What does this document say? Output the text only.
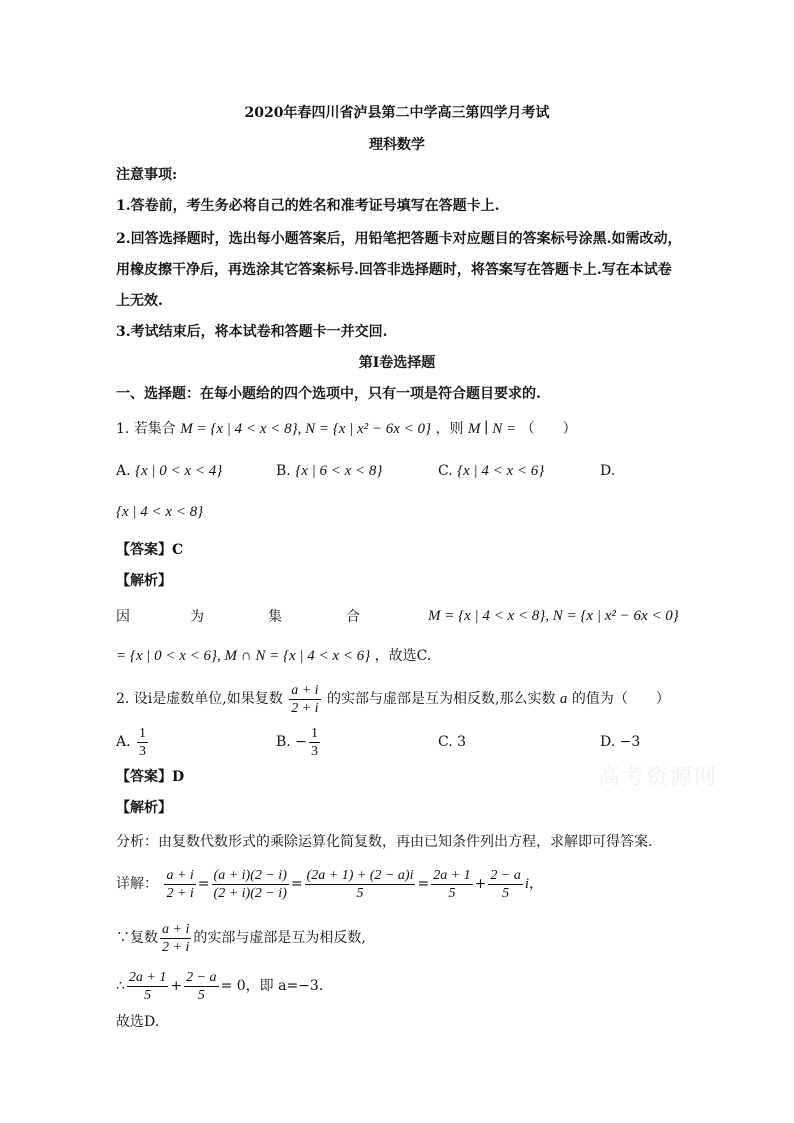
高考资源网
2020年春四川省泸县第二中学高三第四学月考试
理科数学
注意事项:
1.答卷前，考生务必将自己的姓名和准考证号填写在答题卡上.
2.回答选择题时，选出每小题答案后，用铅笔把答题卡对应题目的答案标号涂黑.如需改动，
用橡皮擦干净后，再选涂其它答案标号.回答非选择题时，将答案写在答题卡上.写在本试卷
上无效.
3.考试结束后，将本试卷和答题卡一并交回.
第Ⅰ卷选择题
一、选择题：在每小题给的四个选项中，只有一项是符合题目要求的.
1. 若集合 M = {x | 4 < x < 8}, N = {x | x² − 6x < 0} ，则 M ∣ N = （　　）
A. {x | 0 < x < 4}	B. {x | 6 < x < 8}	C. {x | 4 < x < 6}	D.
{x | 4 < x < 8}
【答案】C
【解析】
因	为	集	合	M = {x | 4 < x < 8}, N = {x | x² − 6x < 0}
= {x | 0 < x < 6}, M ∩ N = {x | 4 < x < 6} ，故选C.
2. 设i是虚数单位,如果复数 $\frac{a + i}{2 + i}$ 的实部与虚部是互为相反数,那么实数 a 的值为（　　）
A. $\frac{1}{3}$	B. − $\frac{1}{3}$	C. 3	D. −3
【答案】D
【解析】
分析：由复数代数形式的乘除运算化简复数，再由已知条件列出方程，求解即可得答案.
详解： $\frac{a + i}{2 + i} = \frac{(a + i)(2 - i)}{(2 + i)(2 - i)} = \frac{(2a + 1) + (2 - a)i}{5} = \frac{2a + 1}{5} + \frac{2 - a}{5}$ i，
∵复数 $\frac{a + i}{2 + i}$ 的实部与虚部是互为相反数,
∴ $\frac{2a + 1}{5} + \frac{2 - a}{5} = 0$，即 a=−3．
故选D.
